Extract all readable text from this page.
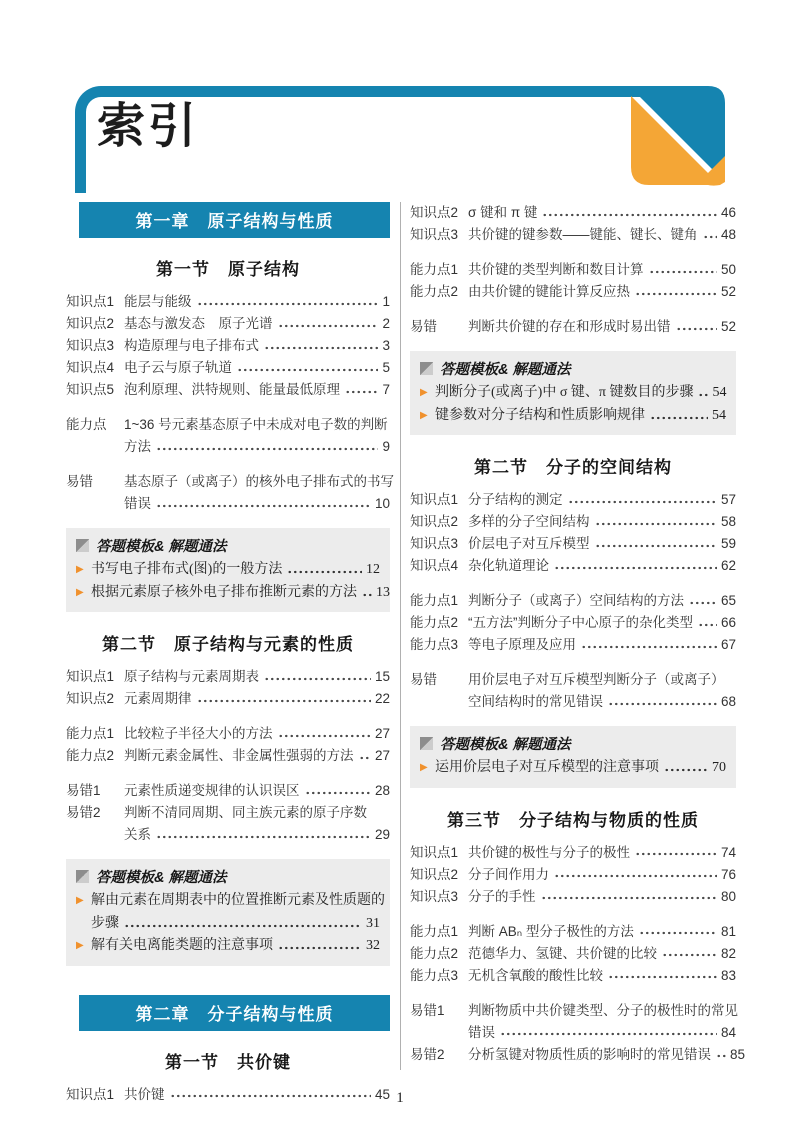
索引
第一章　原子结构与性质
第一节　原子结构
知识点1 能层与能级	1
知识点2 基态与激发态　原子光谱	2
知识点3 构造原理与电子排布式	3
知识点4 电子云与原子轨道	5
知识点5 泡利原理、洪特规则、能量最低原理	7
能力点	1~36 号元素基态原子中未成对电子数的判断
方法	9
易错	基态原子（或离子）的核外电子排布式的书写
错误	10
答题模板& 解题通法
▶ 书写电子排布式(图)的一般方法	12
▶ 根据元素原子核外电子排布推断元素的方法 13
第二节　原子结构与元素的性质
知识点1 原子结构与元素周期表	15
知识点2 元素周期律	22
能力点1 比较粒子半径大小的方法	27
能力点2 判断元素金属性、非金属性强弱的方法 27
易错1	元素性质递变规律的认识误区	28
易错2	判断不清同周期、同主族元素的原子序数
关系	29
答题模板& 解题通法
▶ 解由元素在周期表中的位置推断元素及性质题的
步骤	31
▶ 解有关电离能类题的注意事项	32
第二章　分子结构与性质
第一节　共价键
知识点1 共价键	45
知识点2 σ 键和 π 键	46
知识点3 共价键的键参数——键能、键长、键角 48
能力点1 共价键的类型判断和数目计算	50
能力点2 由共价键的键能计算反应热	52
易错	判断共价键的存在和形成时易出错	52
答题模板& 解题通法
▶ 判断分子(或离子)中 σ 键、π 键数目的步骤 54
▶ 键参数对分子结构和性质影响规律	54
第二节　分子的空间结构
知识点1 分子结构的测定	57
知识点2 多样的分子空间结构	58
知识点3 价层电子对互斥模型	59
知识点4 杂化轨道理论	62
能力点1 判断分子（或离子）空间结构的方法	65
能力点2 “五方法”判断分子中心原子的杂化类型 66
能力点3 等电子原理及应用	67
易错	用价层电子对互斥模型判断分子（或离子）
空间结构时的常见错误	68
答题模板& 解题通法
▶ 运用价层电子对互斥模型的注意事项	70
第三节　分子结构与物质的性质
知识点1 共价键的极性与分子的极性	74
知识点2 分子间作用力	76
知识点3 分子的手性	80
能力点1 判断 ABₙ 型分子极性的方法	81
能力点2 范德华力、氢键、共价键的比较	82
能力点3 无机含氧酸的酸性比较	83
易错1	判断物质中共价键类型、分子的极性时的常见
错误	84
易错2	分析氢键对物质性质的影响时的常见错误 85
1
